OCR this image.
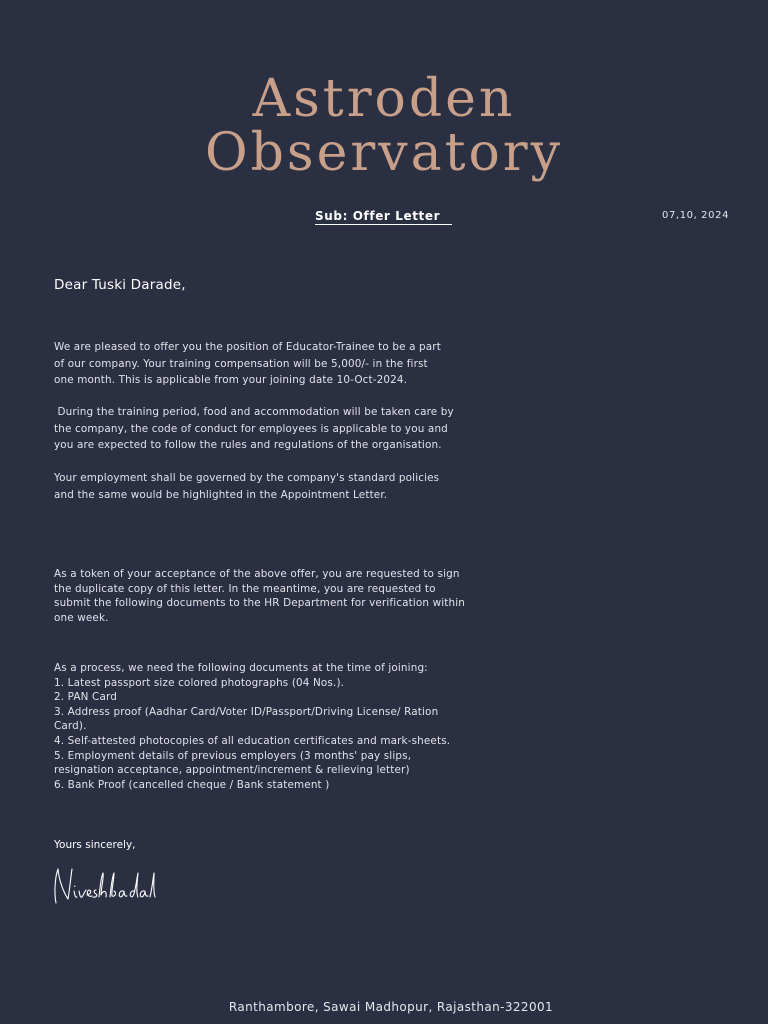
Astroden
Observatory
Sub: Offer Letter	07,10, 2024
Dear Tuski Darade,
We are pleased to offer you the position of Educator-Trainee to be a part
of our company. Your training compensation will be 5,000/- in the first
one month. This is applicable from your joining date 10-Oct-2024.
During the training period, food and accommodation will be taken care by
the company, the code of conduct for employees is applicable to you and
you are expected to follow the rules and regulations of the organisation.
Your employment shall be governed by the company's standard policies
and the same would be highlighted in the Appointment Letter.
As a token of your acceptance of the above offer, you are requested to sign
the duplicate copy of this letter. In the meantime, you are requested to
submit the following documents to the HR Department for verification within
one week.
As a process, we need the following documents at the time of joining:
1. Latest passport size colored photographs (04 Nos.).
2. PAN Card
3. Address proof (Aadhar Card/Voter ID/Passport/Driving License/ Ration
Card).
4. Self-attested photocopies of all education certificates and mark-sheets.
5. Employment details of previous employers (3 months' pay slips,
resignation acceptance, appointment/increment & relieving letter)
6. Bank Proof (cancelled cheque / Bank statement )
Yours sincerely,
Ranthambore, Sawai Madhopur, Rajasthan-322001
